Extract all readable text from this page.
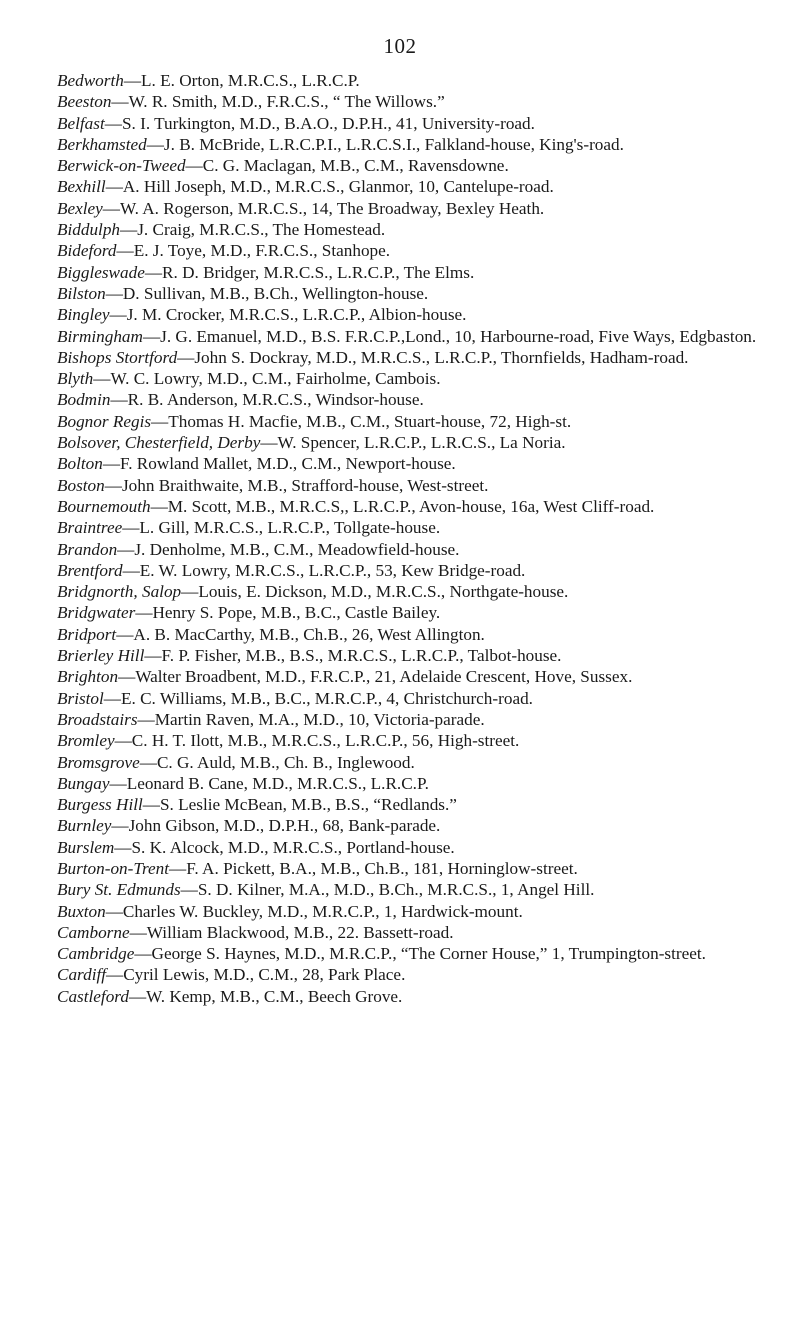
102
Bedworth—L. E. Orton, M.R.C.S., L.R.C.P.
Beeston—W. R. Smith, M.D., F.R.C.S., “ The Willows.”
Belfast—S. I. Turkington, M.D., B.A.O., D.P.H., 41, University-road.
Berkhamsted—J. B. McBride, L.R.C.P.I., L.R.C.S.I., Falkland-house, King's-road.
Berwick-on-Tweed—C. G. Maclagan, M.B., C.M., Ravensdowne.
Bexhill—A. Hill Joseph, M.D., M.R.C.S., Glanmor, 10, Cantelupe-road.
Bexley—W. A. Rogerson, M.R.C.S., 14, The Broadway, Bexley Heath.
Biddulph—J. Craig, M.R.C.S., The Homestead.
Bideford—E. J. Toye, M.D., F.R.C.S., Stanhope.
Biggleswade—R. D. Bridger, M.R.C.S., L.R.C.P., The Elms.
Bilston—D. Sullivan, M.B., B.Ch., Wellington-house.
Bingley—J. M. Crocker, M.R.C.S., L.R.C.P., Albion-house.
Birmingham—J. G. Emanuel, M.D., B.S. F.R.C.P.,Lond., 10, Harbourne-road, Five Ways, Edgbaston.
Bishops Stortford—John S. Dockray, M.D., M.R.C.S., L.R.C.P., Thornfields, Hadham-road.
Blyth—W. C. Lowry, M.D., C.M., Fairholme, Cambois.
Bodmin—R. B. Anderson, M.R.C.S., Windsor-house.
Bognor Regis—Thomas H. Macfie, M.B., C.M., Stuart-house, 72, High-st.
Bolsover, Chesterfield, Derby—W. Spencer, L.R.C.P., L.R.C.S., La Noria.
Bolton—F. Rowland Mallet, M.D., C.M., Newport-house.
Boston—John Braithwaite, M.B., Strafford-house, West-street.
Bournemouth—M. Scott, M.B., M.R.C.S,, L.R.C.P., Avon-house, 16a, West Cliff-road.
Braintree—L. Gill, M.R.C.S., L.R.C.P., Tollgate-house.
Brandon—J. Denholme, M.B., C.M., Meadowfield-house.
Brentford—E. W. Lowry, M.R.C.S., L.R.C.P., 53, Kew Bridge-road.
Bridgnorth, Salop—Louis, E. Dickson, M.D., M.R.C.S., Northgate-house.
Bridgwater—Henry S. Pope, M.B., B.C., Castle Bailey.
Bridport—A. B. MacCarthy, M.B., Ch.B., 26, West Allington.
Brierley Hill—F. P. Fisher, M.B., B.S., M.R.C.S., L.R.C.P., Talbot-house.
Brighton—Walter Broadbent, M.D., F.R.C.P., 21, Adelaide Crescent, Hove, Sussex.
Bristol—E. C. Williams, M.B., B.C., M.R.C.P., 4, Christchurch-road.
Broadstairs—Martin Raven, M.A., M.D., 10, Victoria-parade.
Bromley—C. H. T. Ilott, M.B., M.R.C.S., L.R.C.P., 56, High-street.
Bromsgrove—C. G. Auld, M.B., Ch. B., Inglewood.
Bungay—Leonard B. Cane, M.D., M.R.C.S., L.R.C.P.
Burgess Hill—S. Leslie McBean, M.B., B.S., “Redlands.”
Burnley—John Gibson, M.D., D.P.H., 68, Bank-parade.
Burslem—S. K. Alcock, M.D., M.R.C.S., Portland-house.
Burton-on-Trent—F. A. Pickett, B.A., M.B., Ch.B., 181, Horninglow-street.
Bury St. Edmunds—S. D. Kilner, M.A., M.D., B.Ch., M.R.C.S., 1, Angel Hill.
Buxton—Charles W. Buckley, M.D., M.R.C.P., 1, Hardwick-mount.
Camborne—William Blackwood, M.B., 22. Bassett-road.
Cambridge—George S. Haynes, M.D., M.R.C.P., “The Corner House,” 1, Trumpington-street.
Cardiff—Cyril Lewis, M.D., C.M., 28, Park Place.
Castleford—W. Kemp, M.B., C.M., Beech Grove.
